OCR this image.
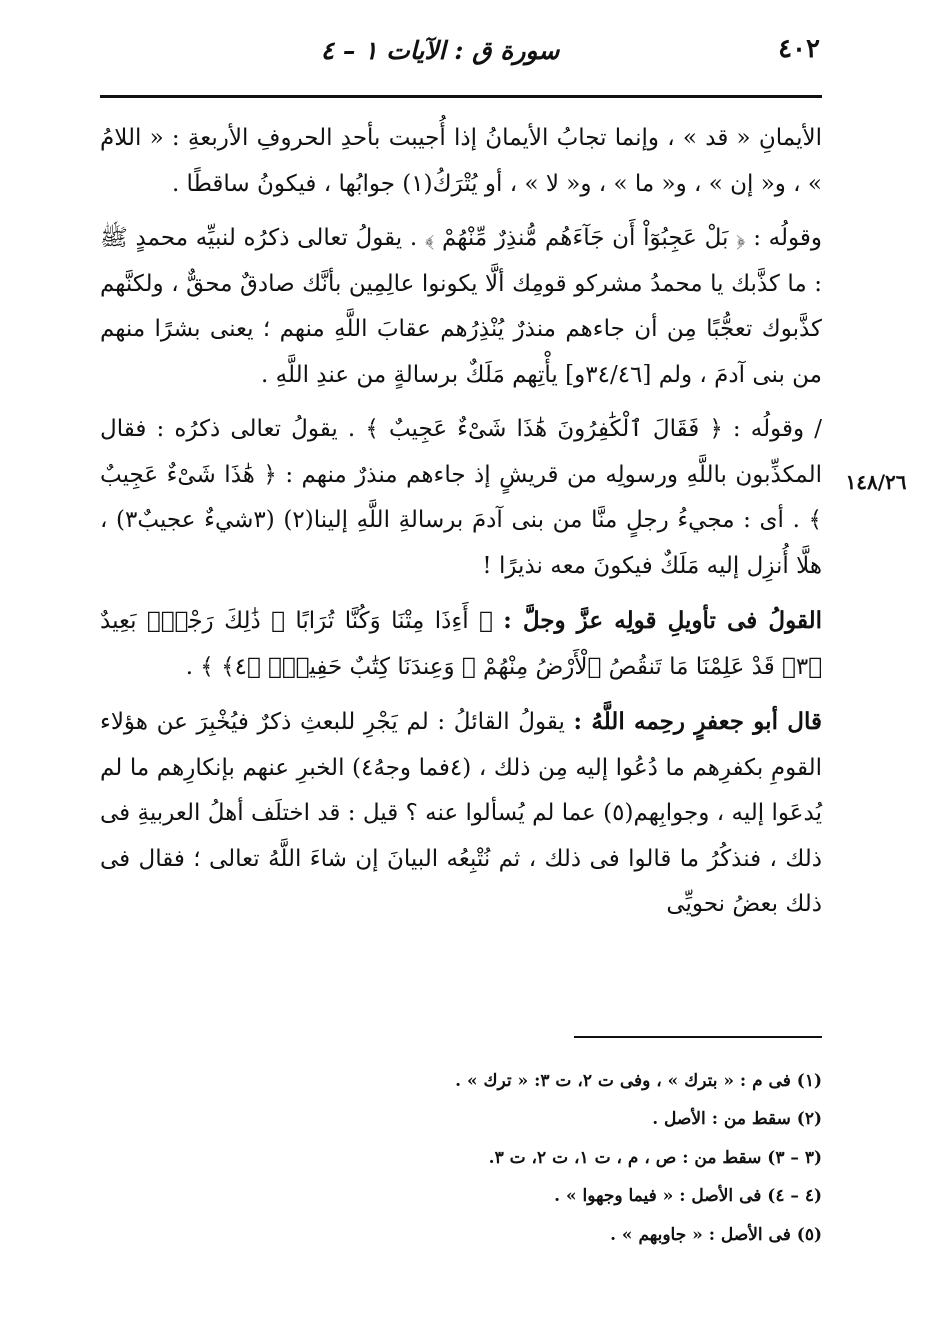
٤٠٢
سورة ق : الآيات ١ – ٤
١٤٨/٢٦

الأيمانِ « قد » ، وإنما تجابُ الأيمانُ إذا أُجيبت بأحدِ الحروفِ الأربعةِ : « اللامُ » ، و« إن » ، و« ما » ، و« لا » ، أو يُتْرَكُ(١) جوابُها ، فيكونُ ساقطًا .

وقولُه : ﴿ بَلْ عَجِبُوٓاْ أَن جَآءَهُم مُّنذِرٌ مِّنْهُمْ ﴾ . يقولُ تعالى ذكرُه لنبيِّه محمدٍ ﷺ : ما كذَّبك يا محمدُ مشركو قومِك ألَّا يكونوا عالِمِين بأنَّك صادقٌ محقٌّ ، ولكنَّهم كذَّبوك تعجُّبًا مِن أن جاءهم منذرٌ يُنْذِرُهم عقابَ اللَّهِ منهم ؛ يعنى بشرًا منهم من بنى آدمَ ، ولم [٣٤/٤٦و] يأْتِهم مَلَكٌ برسالةٍ من عندِ اللَّهِ .

/ وقولُه : ﴿ فَقَالَ ٱلْكَٰفِرُونَ هَٰذَا شَىْءٌ عَجِيبٌ ﴾ . يقولُ تعالى ذكرُه : فقال المكذِّبون باللَّهِ ورسولِه من قريشٍ إذ جاءهم منذرٌ منهم : ﴿ هَٰذَا شَىْءٌ عَجِيبٌ ﴾ . أى : مجيءُ رجلٍ منَّا من بنى آدمَ برسالةِ اللَّهِ إلينا(٢) (٣شيءٌ عجيبٌ٣) ، هلَّا أُنزِل إليه مَلَكٌ فيكونَ معه نذيرًا !

القولُ فى تأويلِ قولِه عزَّ وجلَّ : ﴿ أَءِذَا مِتْنَا وَكُنَّا تُرَابًا ۖ ذَٰلِكَ رَجْعٌۢ بَعِيدٌ ﴿٣﴾ قَدْ عَلِمْنَا مَا تَنقُصُ ٱلْأَرْضُ مِنْهُمْ ۖ وَعِندَنَا كِتَٰبٌ حَفِيظٌۢ ﴿٤﴾ ﴾ .

قال أبو جعفرٍ رحِمه اللَّهُ : يقولُ القائلُ : لم يَجْرِ للبعثِ ذكرٌ فيُخْبِرَ عن هؤلاء القومِ بكفرِهم ما دُعُوا إليه مِن ذلك ، (٤فما وجهُ٤) الخبرِ عنهم بإنكارِهم ما لم يُدعَوا إليه ، وجوابِهم(٥) عما لم يُسألوا عنه ؟ قيل : قد اختلَف أهلُ العربيةِ فى ذلك ، فنذكُرُ ما قالوا فى ذلك ، ثم نُتْبِعُه البيانَ إن شاءَ اللَّهُ تعالى ؛ فقال فى ذلك بعضُ نحويِّى

(١) فى م : « بترك » ، وفى ت ٢، ت ٣: « ترك » .

(٢) سقط من : الأصل .

(٣ – ٣) سقط من : ص ، م ، ت ١، ت ٢، ت ٣.

(٤ – ٤) فى الأصل : « فيما وجهوا » .

(٥) فى الأصل : « جاوبهم » .
